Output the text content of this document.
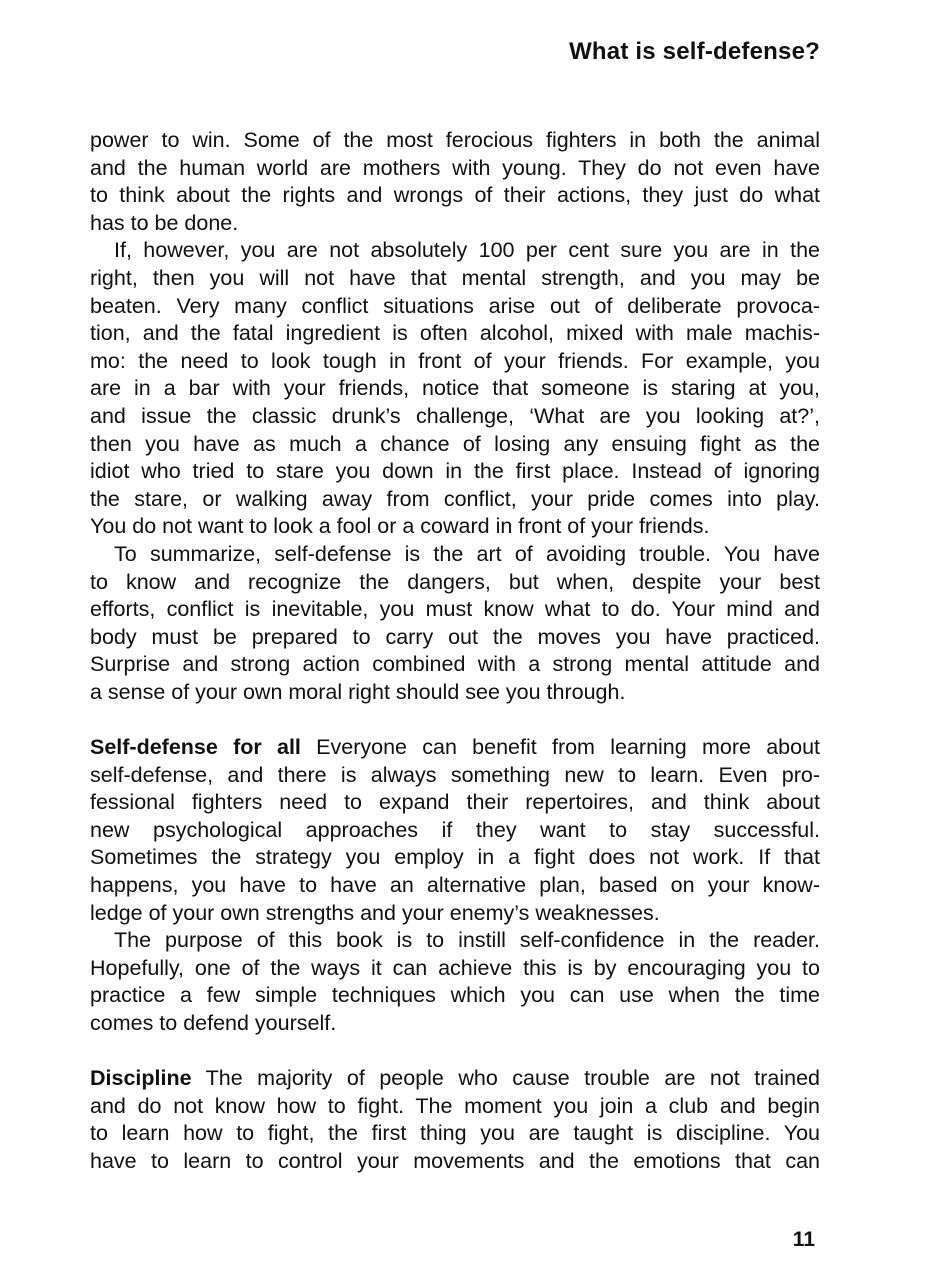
What is self-defense?

power to win. Some of the most ferocious fighters in both the animal
and the human world are mothers with young. They do not even have
to think about the rights and wrongs of their actions, they just do what
has to be done.

If, however, you are not absolutely 100 per cent sure you are in the
right, then you will not have that mental strength, and you may be
beaten. Very many conflict situations arise out of deliberate provoca-
tion, and the fatal ingredient is often alcohol, mixed with male machis-
mo: the need to look tough in front of your friends. For example, you
are in a bar with your friends, notice that someone is staring at you,
and issue the classic drunk’s challenge, ‘What are you looking at?’,
then you have as much a chance of losing any ensuing fight as the
idiot who tried to stare you down in the first place. Instead of ignoring
the stare, or walking away from conflict, your pride comes into play.
You do not want to look a fool or a coward in front of your friends.

To summarize, self-defense is the art of avoiding trouble. You have
to know and recognize the dangers, but when, despite your best
efforts, conflict is inevitable, you must know what to do. Your mind and
body must be prepared to carry out the moves you have practiced.
Surprise and strong action combined with a strong mental attitude and
a sense of your own moral right should see you through.

Self-defense for all Everyone can benefit from learning more about
self-defense, and there is always something new to learn. Even pro-
fessional fighters need to expand their repertoires, and think about
new psychological approaches if they want to stay successful.
Sometimes the strategy you employ in a fight does not work. If that
happens, you have to have an alternative plan, based on your know-
ledge of your own strengths and your enemy’s weaknesses.

The purpose of this book is to instill self-confidence in the reader.
Hopefully, one of the ways it can achieve this is by encouraging you to
practice a few simple techniques which you can use when the time
comes to defend yourself.

Discipline The majority of people who cause trouble are not trained
and do not know how to fight. The moment you join a club and begin
to learn how to fight, the first thing you are taught is discipline. You
have to learn to control your movements and the emotions that can

11
